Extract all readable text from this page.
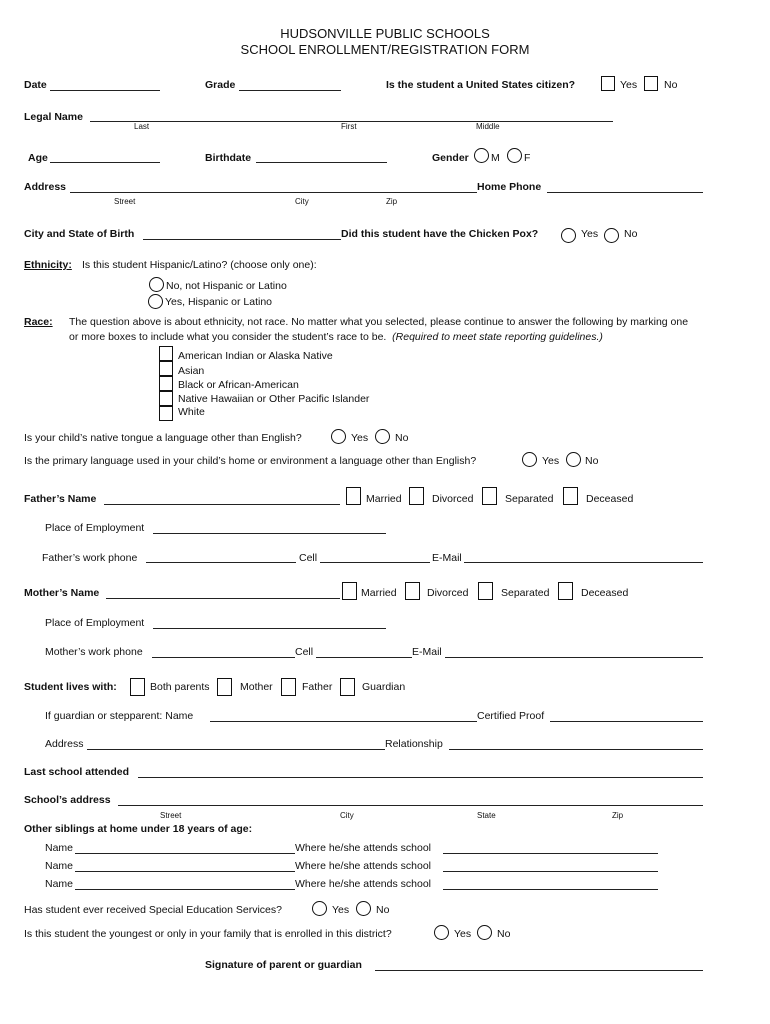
HUDSONVILLE PUBLIC SCHOOLS
SCHOOL ENROLLMENT/REGISTRATION FORM
Date	Grade	Is the student a United States citizen?	Yes	No
Legal Name
Last	First	Middle
Age	Birthdate	Gender M F
Address	Home Phone
Street	City	Zip
City and State of Birth	Did this student have the Chicken Pox?	Yes No
Ethnicity: Is this student Hispanic/Latino? (choose only one):
No, not Hispanic or Latino
Yes, Hispanic or Latino
Race: The question above is about ethnicity, not race. No matter what you selected, please continue to answer the following by marking one
or more boxes to include what you consider the student’s race to be. (Required to meet state reporting guidelines.)
American Indian or Alaska Native
Asian
Black or African-American
Native Hawaiian or Other Pacific Islander
White
Is your child’s native tongue a language other than English?	Yes	No
Is the primary language used in your child’s home or environment a language other than English?	Yes No
Father’s Name	Married	Divorced	Separated	Deceased
Place of Employment
Father’s work phone	Cell	E-Mail
Mother’s Name	Married	Divorced	Separated	Deceased
Place of Employment
Mother’s work phone	Cell	E-Mail
Student lives with:	Both parents	Mother	Father	Guardian
If guardian or stepparent: Name	Certified Proof
Address	Relationship
Last school attended
School’s address
Street	City	State	Zip
Other siblings at home under 18 years of age:
Name	Where he/she attends school
Name	Where he/she attends school
Name	Where he/she attends school
Has student ever received Special Education Services?	Yes	No
Is this student the youngest or only in your family that is enrolled in this district?	Yes No
Signature of parent or guardian
